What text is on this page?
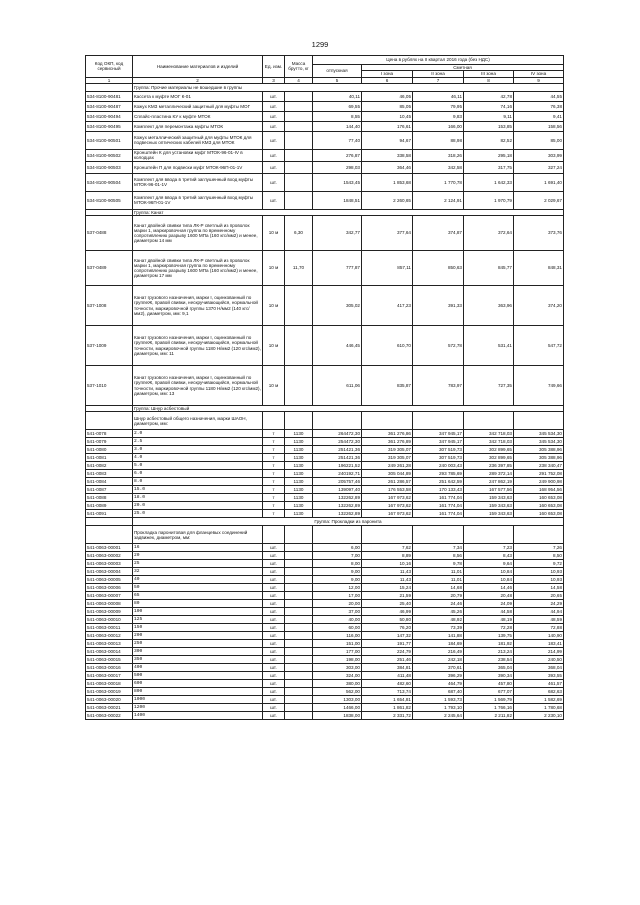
1299
Код ОКП, код сервисный	Наименование материалов и изделий	Ед. изм.	Масса брутто, кг	Цена в рублях на II квартал 2016 года (без НДС)				
				отпускная	Сметная			
					I зона	II зона	III зона	IV зона
1	2	3	4	5	6	7	8	9
	Группа: Прочие материалы не вошедшие в группы							
534-8100-90481	Кассета к муфте МОГ К-01	шт.		40,11	46,05	46,11	42,78	44,55
534-8100-90487	Кожух КМЗ металлический защитный для муфты МОГ	шт.		69,55	85,05	79,95	74,16	76,38
534-8100-90494	Сплайс-пластина КУ к муфте МТОК	шт.		8,55	10,45	9,83	9,11	9,41
534-8100-90495	Комплект для перемонтажа муфты МТОК	шт.		144,40	176,61	166,00	153,85	158,56
534-8100-90501	Кожух металлический защитный для муфты МТОК для подвесных оптических кабелей КМЗ для МТОК	шт.		77,40	94,67	88,98	82,52	85,00
534-8100-90502	Кронштейн К для установки муфт МТОК-96-01-IV в колодцах	шт.		276,87	338,58	318,26	295,18	303,99
534-8100-90503	Кронштейн П для подвески муфт МТОК-96П-01-1V	шт.		298,03	364,46	342,58	317,75	327,24
534-8100-90504	Комплект для ввода в третий заглушенный вход муфты МТОК-96-01-1V	шт.		1543,45	1 853,68	1 770,78	1 642,33	1 691,40
534-8100-90505	Комплект для ввода в третий заглушенный вход муфты МТОК-96П-01-1V	шт.		1848,51	2 260,65	2 124,91	1 970,79	2 029,67
	Группа: Канат							
537-0488	Канат двойной свивки типа ЛК-Р светлый из проволок марки 1, маркировочная группа по временному сопротивлению разрыву 1600 МПа (160 кгс/мм2) и менее, диаметром 14 мм	10 м	6,30	342,77	377,64	374,87	372,64	373,76
537-0489	Канат двойной свивки типа ЛК-Р светлый из проволок марки 1, маркировочная группа по временному сопротивлению разрыву 1600 МПа (160 кгс/мм2) и менее, диаметром 17 мм	10 м	11,70	777,87	857,11	850,63	845,77	848,31
537-1008	Канат грузового назначения, марки I, оцинкованный по группеЖ, правой свивки, нескручивающийся, нормальной точности, маркировочной группы 1370 Н/мм2 (140 кгс/мм2), диаметром, мм: 9,1	10 м		305,02	417,23	391,33	363,96	374,20
537-1009	Канат грузового назначения, марки I, оцинкованный по группеЖ, правой свивки, нескручивающийся, нормальной точности, маркировочной группы 1180 Н/мм2 (120 кгс/мм2), диаметром, мм: 11	10 м		446,45	610,70	572,78	531,41	547,72
537-1010	Канат грузового назначения, марки I, оцинкованный по группеЖ, правой свивки, нескручивающийся, нормальной точности, маркировочной группы 1180 Н/мм2 (120 кгс/мм2), диаметром, мм: 13	10 м		611,06	835,87	783,97	727,35	749,66
	Группа: Шнур асбестовый							
	Шнур асбестовый общего назначения, марки ШАОН, диаметром, мм:							
541-0078	2.0	т	1130	264472,30	361 276,86	347 945,17	342 718,03	345 534,30
541-0079	2.5	т	1130	254472,30	361 276,89	347 945,17	342 718,03	345 534,30
541-0080	3.0	т	1130	251421,36	319 305,07	307 519,73	302 899,65	305 388,96
541-0081	4.0	т	1130	251421,36	319 305,07	307 519,73	302 899,65	305 388,96
541-0082	5.0	т	1130	196221,52	249 261,28	240 003,43	236 397,85	238 340,47
541-0083	6.0	т	1130	240192,71	305 044,89	293 785,69	289 372,14	291 752,08
541-0084	8.0	т	1130	205757,46	261 286,57	251 642,59	247 862,19	249 900,98
541-0087	15.0	т	1130	139097,40	176 553,58	170 133,43	167 577,56	168 954,56
541-0088	18.0	т	1130	132262,89	167 973,62	161 774,04	159 343,63	160 653,08
541-0089	20.0	т	1130	132262,89	167 973,62	161 774,04	159 343,63	160 653,08
541-0091	25.0	т	1130	132262,89	167 973,62	161 774,04	159 343,63	160 653,08
	Группа: Прокладки из паронита							
	Прокладка паронитовая для фланцевых соединений задвижек, диаметром, мм:							
541-0063-00001	16	шт.		6,00	7,62	7,34	7,23	7,26
541-0063-00002	20	шт.		7,00	8,89	8,56	8,43	8,50
541-0063-00003	25	шт.		8,00	10,16	9,78	9,64	9,72
541-0063-00004	32	шт.		9,00	11,43	11,01	10,84	10,93
541-0063-00005	40	шт.		9,00	11,43	11,01	10,84	10,93
541-0063-00006	50	шт.		12,00	15,24	14,68	14,46	14,58
541-0063-00007	65	шт.		17,00	21,59	20,79	20,48	20,65
541-0063-00008	80	шт.		20,00	25,40	24,46	24,09	24,29
541-0063-00009	100	шт.		37,00	46,99	45,26	44,58	44,94
541-0063-00010	125	шт.		40,00	50,80	48,92	48,19	48,59
541-0063-00011	150	шт.		60,00	76,20	73,39	72,28	72,88
541-0063-00012	200	шт.		116,00	147,32	141,88	139,75	140,90
541-0063-00013	250	шт.		151,00	191,77	184,69	181,92	183,41
541-0063-00014	300	шт.		177,00	224,79	216,49	213,24	214,99
541-0063-00015	350	шт.		198,00	251,46	242,18	238,54	240,50
541-0063-00016	400	шт.		303,00	384,81	370,61	365,04	368,04
541-0063-00017	500	шт.		324,00	411,48	396,29	390,34	393,55
541-0063-00018	600	шт.		380,00	482,60	464,79	457,80	461,57
541-0063-00019	800	шт.		562,00	713,74	687,40	677,07	682,63
541-0063-00020	1000	шт.		1303,00	1 654,81	1 593,73	1 569,79	1 582,69
541-0063-00021	1200	шт.		1466,00	1 861,82	1 793,10	1 766,16	1 780,68
541-0063-00022	1400	шт.		1838,00	2 331,72	2 245,64	2 211,82	2 230,10
